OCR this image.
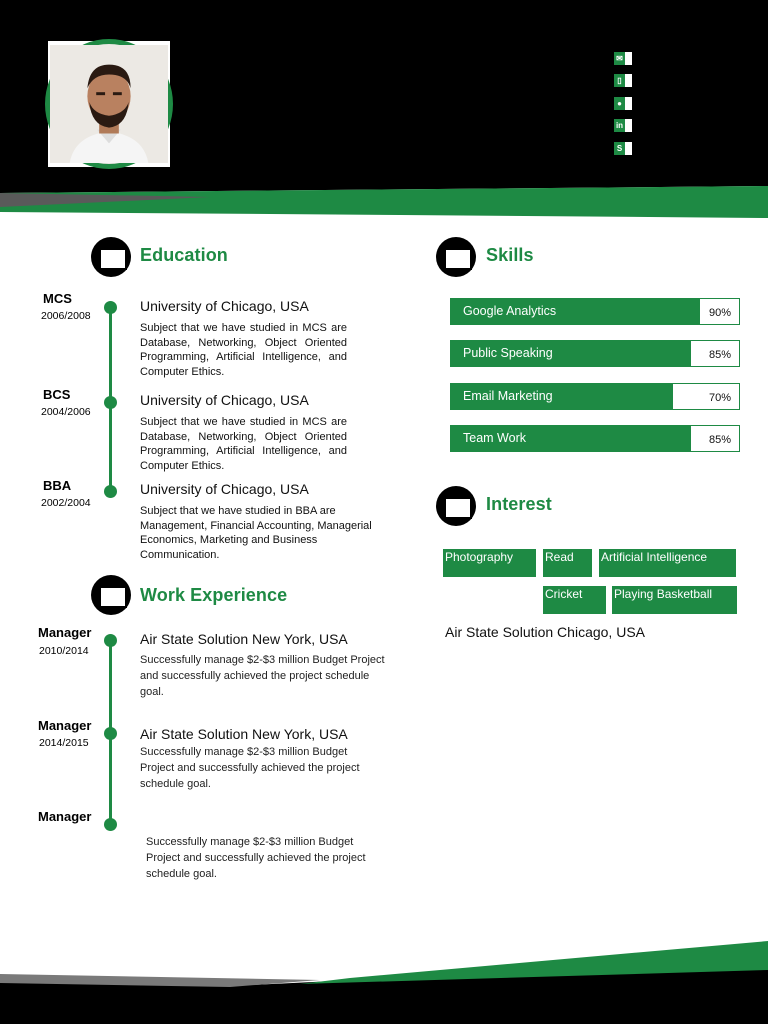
✉
▯
●
in
S
Education
MCS
2006/2008
University of Chicago, USA
Subject that we have studied in MCS are Database, Networking, Object Oriented Programming, Artificial Intelligence, and Computer Ethics.
BCS
2004/2006
University of Chicago, USA
Subject that we have studied in MCS are Database, Networking, Object Oriented Programming, Artificial Intelligence, and Computer Ethics.
BBA
2002/2004
University of Chicago, USA
Subject that we have studied in BBA are Management, Financial Accounting, Managerial Economics, Marketing and Business Communication.
Work Experience
Manager
2010/2014
Air State Solution New York, USA
Successfully manage $2-$3 million Budget Project and successfully achieved the project schedule goal.
Manager
2014/2015
Air State Solution New York, USA
Successfully manage $2-$3 million Budget Project and successfully achieved the project schedule goal.
Manager
Successfully manage $2-$3 million Budget Project and successfully achieved the project schedule goal.
Skills
Google Analytics	90%
Public Speaking	85%
Email Marketing	70%
Team Work	85%
Interest
Photography	Read	Artificial Intelligence
Cricket	Playing Basketball
Air State Solution Chicago, USA
